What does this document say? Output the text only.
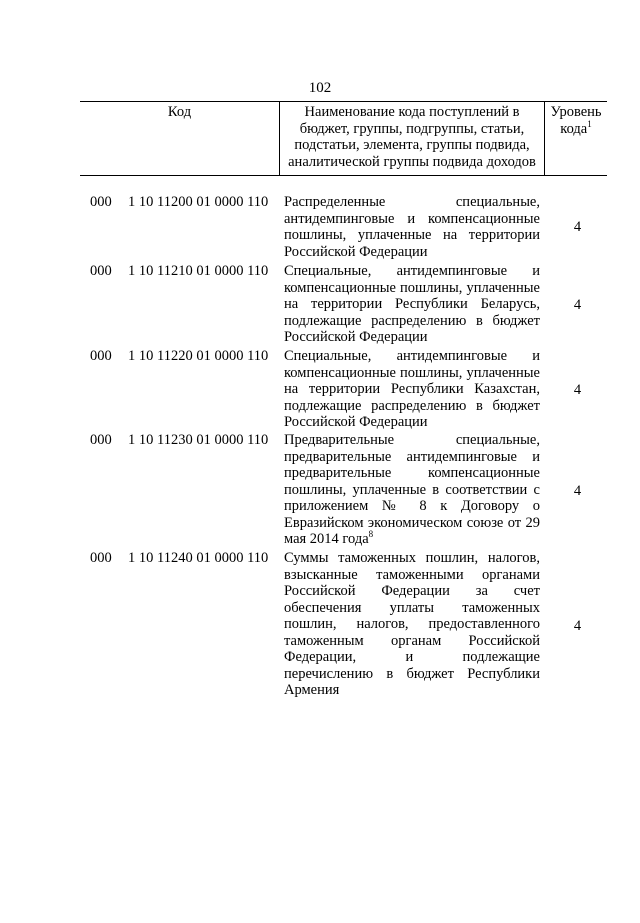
102
Код	Наименование кода поступлений в бюджет, группы, подгруппы, статьи, подстатьи, элемента, группы подвида, аналитической группы подвида доходов
Уровень кода$^1$
000 1 10 11200 01 0000 110 Распределенные специальные, антидемпинговые и компенсационные пошлины, уплаченные на территории Российской Федерации
4
000 1 10 11210 01 0000 110 Специальные, антидемпинговые и компенсационные пошлины, уплаченные на территории Республики Беларусь, подлежащие распределению в бюджет Российской Федерации
4
000 1 10 11220 01 0000 110 Специальные, антидемпинговые и компенсационные пошлины, уплаченные на территории Республики Казахстан, подлежащие распределению в бюджет Российской Федерации
4
000 1 10 11230 01 0000 110 Предварительные специальные, предварительные антидемпинговые и предварительные компенсационные пошлины, уплаченные в соответствии с приложением № 8 к Договору о Евразийском экономическом союзе от 29 мая 2014 года$^8$
4
000 1 10 11240 01 0000 110 Суммы таможенных пошлин, налогов, взысканные таможенными органами Российской Федерации за счет обеспечения уплаты таможенных пошлин, налогов, предоставленного таможенным органам Российской Федерации, и подлежащие перечислению в бюджет Республики Армения
4
